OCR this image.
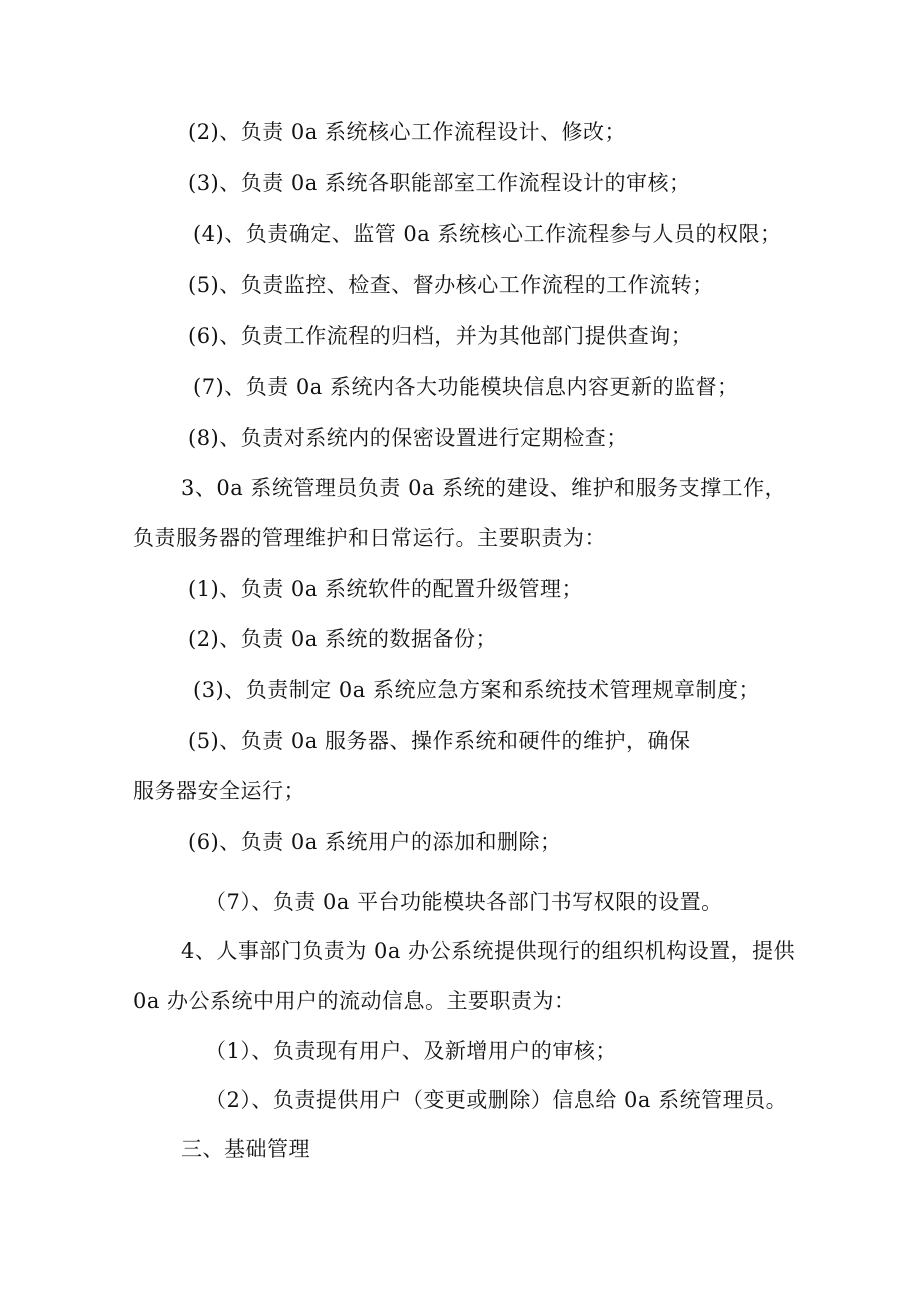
(2)、负责 0a 系统核心工作流程设计、修改；
(3)、负责 0a 系统各职能部室工作流程设计的审核；
(4)、负责确定、监管 0a 系统核心工作流程参与人员的权限；
(5)、负责监控、检查、督办核心工作流程的工作流转；
(6)、负责工作流程的归档，并为其他部门提供查询；
(7)、负责 0a 系统内各大功能模块信息内容更新的监督；
(8)、负责对系统内的保密设置进行定期检查；
3、0a 系统管理员负责 0a 系统的建设、维护和服务支撑工作，
负责服务器的管理维护和日常运行。主要职责为：
(1)、负责 0a 系统软件的配置升级管理；
(2)、负责 0a 系统的数据备份；
(3)、负责制定 0a 系统应急方案和系统技术管理规章制度；
(5)、负责 0a 服务器、操作系统和硬件的维护，确保
服务器安全运行；
(6)、负责 0a 系统用户的添加和删除；
（7）、负责 0a 平台功能模块各部门书写权限的设置。
4、人事部门负责为 0a 办公系统提供现行的组织机构设置，提供
0a 办公系统中用户的流动信息。主要职责为：
（1）、负责现有用户、及新增用户的审核；
（2）、负责提供用户（变更或删除）信息给 0a 系统管理员。
三、基础管理
